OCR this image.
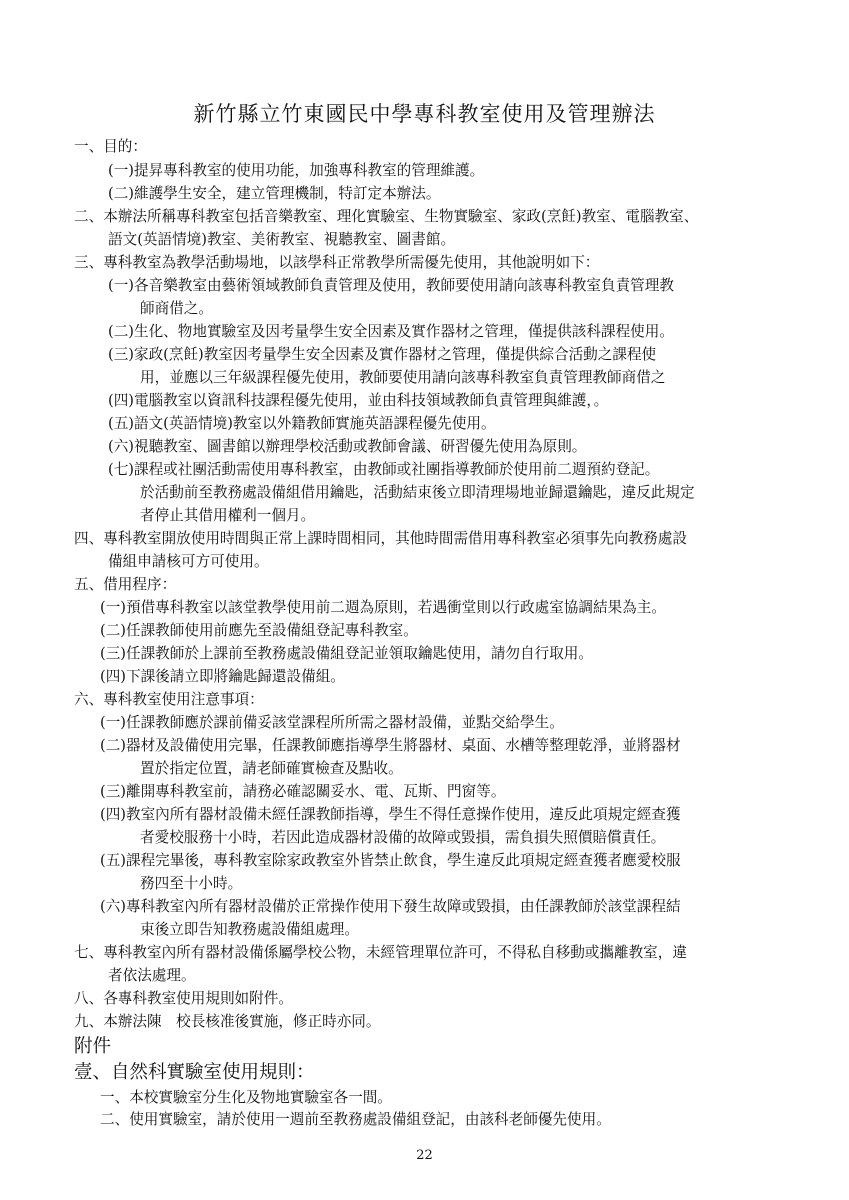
新竹縣立竹東國民中學專科教室使用及管理辦法
一、目的：
(一)提昇專科教室的使用功能，加強專科教室的管理維護。
(二)維護學生安全，建立管理機制，特訂定本辦法。
二、本辦法所稱專科教室包括音樂教室、理化實驗室、生物實驗室、家政(烹飪)教室、電腦教室、
語文(英語情境)教室、美術教室、視聽教室、圖書館。
三、專科教室為教學活動場地，以該學科正常教學所需優先使用，其他說明如下：
(一)各音樂教室由藝術領域教師負責管理及使用，教師要使用請向該專科教室負責管理教
師商借之。
(二)生化、物地實驗室及因考量學生安全因素及實作器材之管理，僅提供該科課程使用。
(三)家政(烹飪)教室因考量學生安全因素及實作器材之管理，僅提供綜合活動之課程使
用，並應以三年級課程優先使用，教師要使用請向該專科教室負責管理教師商借之
(四)電腦教室以資訊科技課程優先使用，並由科技領域教師負責管理與維護，。
(五)語文(英語情境)教室以外籍教師實施英語課程優先使用。
(六)視聽教室、圖書館以辦理學校活動或教師會議、研習優先使用為原則。
(七)課程或社團活動需使用專科教室，由教師或社團指導教師於使用前二週預約登記。
於活動前至教務處設備組借用鑰匙，活動結束後立即清理場地並歸還鑰匙，違反此規定
者停止其借用權利一個月。
四、專科教室開放使用時間與正常上課時間相同，其他時間需借用專科教室必須事先向教務處設
備組申請核可方可使用。
五、借用程序：
(一)預借專科教室以該堂教學使用前二週為原則，若遇衝堂則以行政處室協調結果為主。
(二)任課教師使用前應先至設備組登記專科教室。
(三)任課教師於上課前至教務處設備組登記並領取鑰匙使用，請勿自行取用。
(四)下課後請立即將鑰匙歸還設備組。
六、專科教室使用注意事項：
(一)任課教師應於課前備妥該堂課程所所需之器材設備，並點交給學生。
(二)器材及設備使用完畢，任課教師應指導學生將器材、桌面、水槽等整理乾淨，並將器材
置於指定位置，請老師確實檢查及點收。
(三)離開專科教室前，請務必確認關妥水、電、瓦斯、門窗等。
(四)教室內所有器材設備未經任課教師指導，學生不得任意操作使用，違反此項規定經查獲
者愛校服務十小時，若因此造成器材設備的故障或毀損，需負損失照價賠償責任。
(五)課程完畢後，專科教室除家政教室外皆禁止飲食，學生違反此項規定經查獲者應愛校服
務四至十小時。
(六)專科教室內所有器材設備於正常操作使用下發生故障或毀損，由任課教師於該堂課程結
束後立即告知教務處設備組處理。
七、專科教室內所有器材設備係屬學校公物，未經管理單位許可，不得私自移動或攜離教室，違
者依法處理。
八、各專科教室使用規則如附件。
九、本辦法陳　校長核准後實施，修正時亦同。
附件
壹、自然科實驗室使用規則：
一、本校實驗室分生化及物地實驗室各一間。
二、使用實驗室，請於使用一週前至教務處設備組登記，由該科老師優先使用。
22
